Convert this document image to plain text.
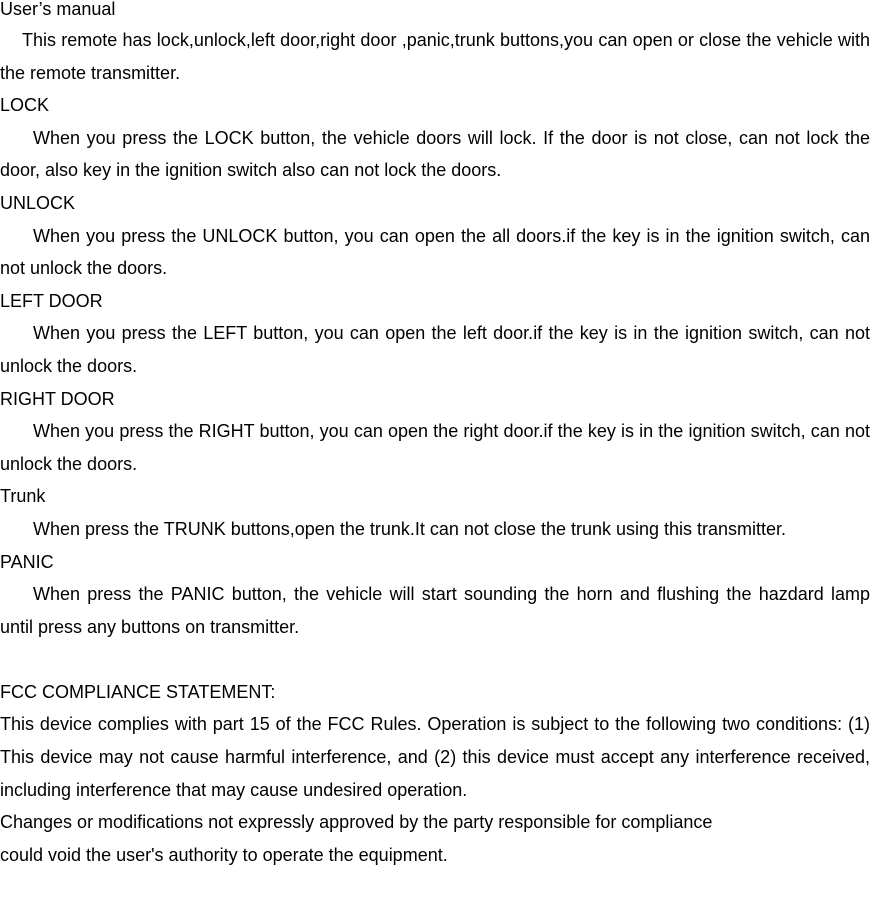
User’s manual

This remote has lock,unlock,left door,right door ,panic,trunk buttons,you can open or close the vehicle with the remote transmitter.

LOCK

When you press the LOCK button, the vehicle doors will lock. If the door is not close, can not lock the door, also key in the ignition switch also can not lock the doors.

UNLOCK

When you press the UNLOCK button, you can open the all doors.if the key is in the ignition switch, can not unlock the doors.

LEFT DOOR

When you press the LEFT button, you can open the left door.if the key is in the ignition switch, can not unlock the doors.

RIGHT DOOR

When you press the RIGHT button, you can open the right door.if the key is in the ignition switch, can not unlock the doors.

Trunk

When press the TRUNK buttons,open the trunk.It can not close the trunk using this transmitter.

PANIC

When press the PANIC button, the vehicle will start sounding the horn and flushing the hazdard lamp until press any buttons on transmitter.

FCC COMPLIANCE STATEMENT:

This device complies with part 15 of the FCC Rules. Operation is subject to the following two conditions: (1) This device may not cause harmful interference, and (2) this device must accept any interference received, including interference that may cause undesired operation.

Changes or modifications not expressly approved by the party responsible for compliance

could void the user's authority to operate the equipment.
